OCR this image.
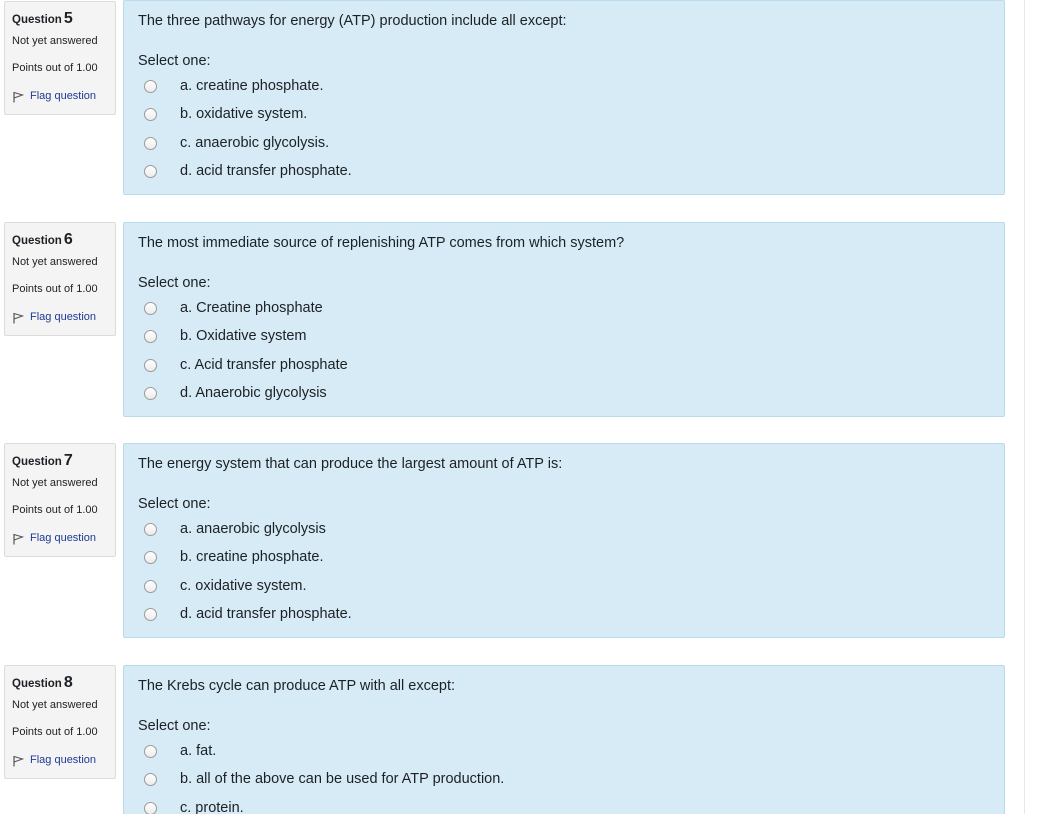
Question 5
Not yet answered
Points out of 1.00
Flag question
The three pathways for energy (ATP) production include all except:
Select one:
a. creatine phosphate.
b. oxidative system.
c. anaerobic glycolysis.
d. acid transfer phosphate.
Question 6
Not yet answered
Points out of 1.00
Flag question
The most immediate source of replenishing ATP comes from which system?
Select one:
a. Creatine phosphate
b. Oxidative system
c. Acid transfer phosphate
d. Anaerobic glycolysis
Question 7
Not yet answered
Points out of 1.00
Flag question
The energy system that can produce the largest amount of ATP is:
Select one:
a. anaerobic glycolysis
b. creatine phosphate.
c. oxidative system.
d. acid transfer phosphate.
Question 8
Not yet answered
Points out of 1.00
Flag question
The Krebs cycle can produce ATP with all except:
Select one:
a. fat.
b. all of the above can be used for ATP production.
c. protein.
